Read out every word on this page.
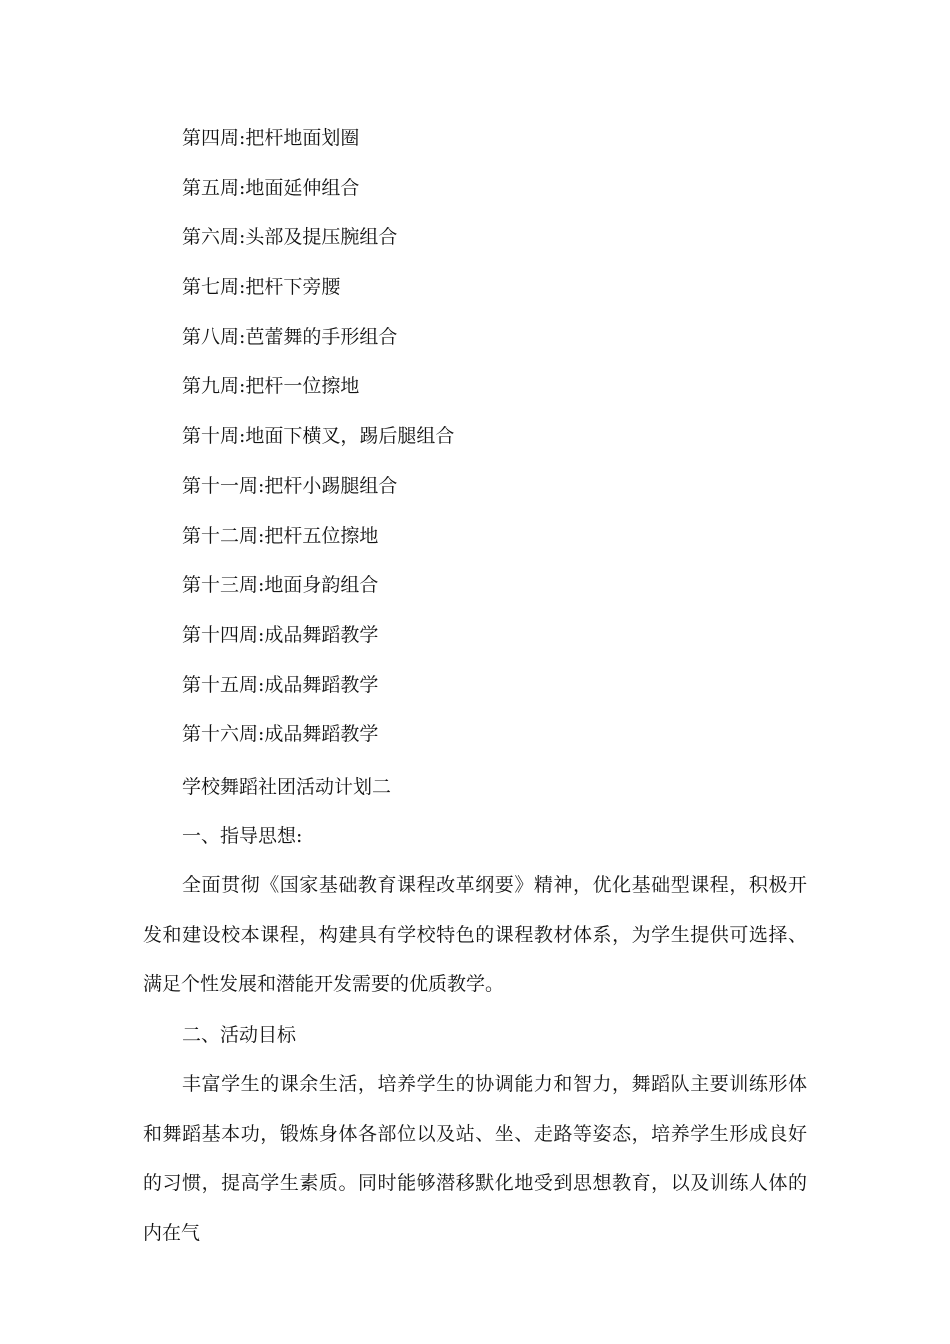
第四周:把杆地面划圈
第五周:地面延伸组合
第六周:头部及提压腕组合
第七周:把杆下旁腰
第八周:芭蕾舞的手形组合
第九周:把杆一位擦地
第十周:地面下横叉，踢后腿组合
第十一周:把杆小踢腿组合
第十二周:把杆五位擦地
第十三周:地面身韵组合
第十四周:成品舞蹈教学
第十五周:成品舞蹈教学
第十六周:成品舞蹈教学
学校舞蹈社团活动计划二
一、指导思想:

全面贯彻《国家基础教育课程改革纲要》精神，优化基础型课程，积极开发和建设校本课程，构建具有学校特色的课程教材体系，为学生提供可选择、满足个性发展和潜能开发需要的优质教学。

二、活动目标

丰富学生的课余生活，培养学生的协调能力和智力，舞蹈队主要训练形体和舞蹈基本功，锻炼身体各部位以及站、坐、走路等姿态，培养学生形成良好的习惯，提高学生素质。同时能够潜移默化地受到思想教育，以及训练人体的内在气
